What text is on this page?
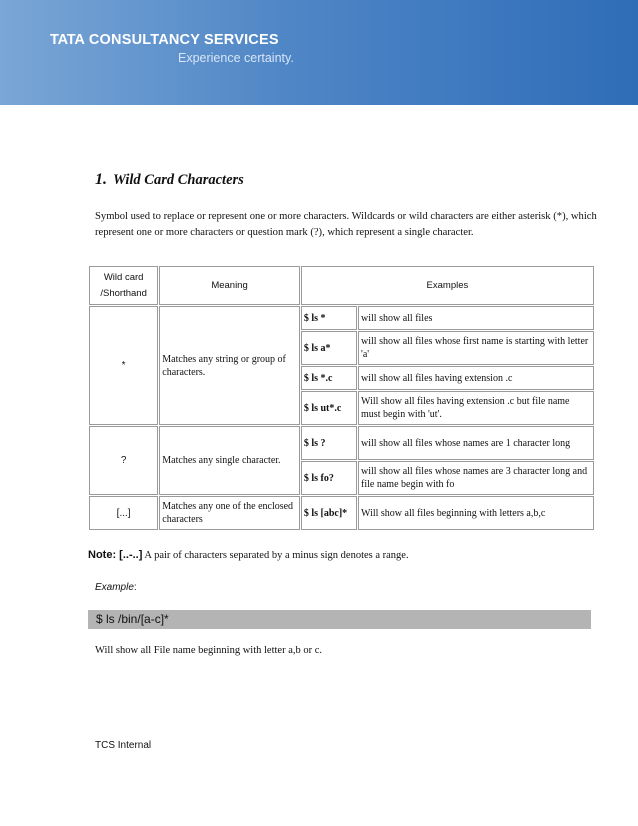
TATA CONSULTANCY SERVICES
Experience certainty.
1. Wild Card Characters
Symbol used to replace or represent one or more characters. Wildcards or wild characters are either asterisk (*), which represent one or more characters or question mark (?), which represent a single character.
Wild card /Shorthand	Meaning	Examples	
*	Matches any string or group of characters.	$ ls *	will show all files
		$ ls a*	will show all files whose first name is starting with letter 'a'
		$ ls *.c	will show all files having extension .c
		$ ls ut*.c	Will show all files having extension .c but file name must begin with 'ut'.
?	Matches any single character.	$ ls ?	will show all files whose names are 1 character long
		$ ls fo?	will show all files whose names are 3 character long and file name begin with fo
[...]	Matches any one of the enclosed characters	$ ls [abc]*	Will show all files beginning with letters a,b,c
Note: [..-..] A pair of characters separated by a minus sign denotes a range.
Example:
$ ls /bin/[a-c]*
Will show all File name beginning with letter a,b or c.
TCS Internal
